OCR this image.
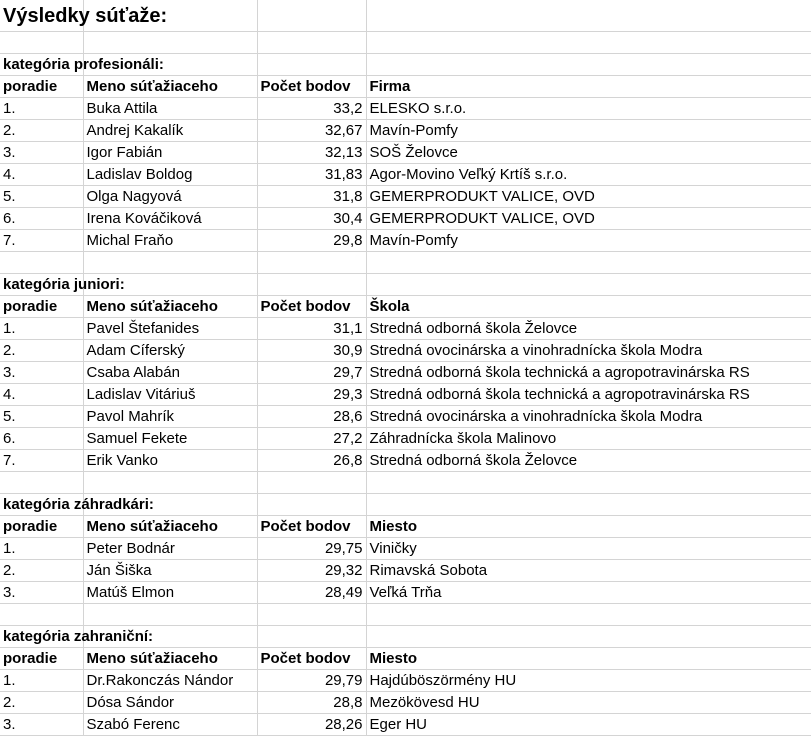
Výsledky súťaže:			

kategória profesionáli:			
poradie	Meno súťažiaceho	Počet bodov	Firma
1.	Buka Attila	33,2	ELESKO s.r.o.
2.	Andrej Kakalík	32,67	Mavín-Pomfy
3.	Igor Fabián	32,13	SOŠ Želovce
4.	Ladislav Boldog	31,83	Agor-Movino Veľký Krtíš s.r.o.
5.	Olga Nagyová	31,8	GEMERPRODUKT VALICE, OVD
6.	Irena Kováčiková	30,4	GEMERPRODUKT VALICE, OVD
7.	Michal Fraňo	29,8	Mavín-Pomfy

kategória juniori:			
poradie	Meno súťažiaceho	Počet bodov	Škola
1.	Pavel Štefanides	31,1	Stredná odborná škola Želovce
2.	Adam Cíferský	30,9	Stredná ovocinárska a vinohradnícka škola Modra
3.	Csaba Alabán	29,7	Stredná odborná škola technická a agropotravinárska RS
4.	Ladislav Vitáriuš	29,3	Stredná odborná škola technická a agropotravinárska RS
5.	Pavol Mahrík	28,6	Stredná ovocinárska a vinohradnícka škola Modra
6.	Samuel Fekete	27,2	Záhradnícka škola Malinovo
7.	Erik Vanko	26,8	Stredná odborná škola Želovce

kategória záhradkári:			
poradie	Meno súťažiaceho	Počet bodov	Miesto
1.	Peter Bodnár	29,75	Viničky
2.	Ján Šiška	29,32	Rimavská Sobota
3.	Matúš Elmon	28,49	Veľká Trňa

kategória zahraniční:			
poradie	Meno súťažiaceho	Počet bodov	Miesto
1.	Dr.Rakonczás Nándor	29,79	Hajdúböszörmény HU
2.	Dósa Sándor	28,8	Mezökövesd HU
3.	Szabó Ferenc	28,26	Eger HU
